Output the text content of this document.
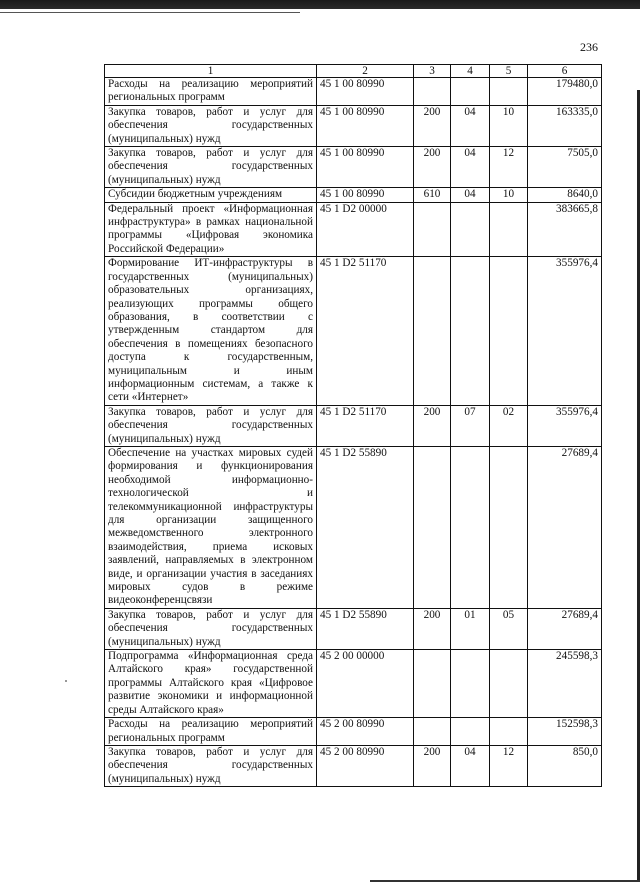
236
1	2	3	4	5	6
Расходы на реализацию мероприятий региональных программ	45 1 00 80990				179480,0
Закупка товаров, работ и услуг для обеспечения государственных (муниципальных) нужд	45 1 00 80990	200	04	10	163335,0
Закупка товаров, работ и услуг для обеспечения государственных (муниципальных) нужд	45 1 00 80990	200	04	12	7505,0
Субсидии бюджетным учреждениям	45 1 00 80990	610	04	10	8640,0
Федеральный проект «Информационная инфраструктура» в рамках национальной программы «Цифровая экономика Российской Федерации»	45 1 D2 00000				383665,8
Формирование ИТ-инфраструктуры в государственных (муниципальных) образовательных организациях, реализующих программы общего образования, в соответствии с утвержденным стандартом для обеспечения в помещениях безопасного доступа к государственным, муниципальным и иным информационным системам, а также к сети «Интернет»	45 1 D2 51170				355976,4
Закупка товаров, работ и услуг для обеспечения государственных (муниципальных) нужд	45 1 D2 51170	200	07	02	355976,4
Обеспечение на участках мировых судей формирования и функционирования необходимой информационно-технологической и телекоммуникационной инфраструктуры для организации защищенного межведомственного электронного взаимодействия, приема исковых заявлений, направляемых в электронном виде, и организации участия в заседаниях мировых судов в режиме видеоконференцсвязи	45 1 D2 55890				27689,4
Закупка товаров, работ и услуг для обеспечения государственных (муниципальных) нужд	45 1 D2 55890	200	01	05	27689,4
Подпрограмма «Информационная среда Алтайского края» государственной программы Алтайского края «Цифровое развитие экономики и информационной среды Алтайского края»	45 2 00 00000				245598,3
Расходы на реализацию мероприятий региональных программ	45 2 00 80990				152598,3
Закупка товаров, работ и услуг для обеспечения государственных (муниципальных) нужд	45 2 00 80990	200	04	12	850,0
